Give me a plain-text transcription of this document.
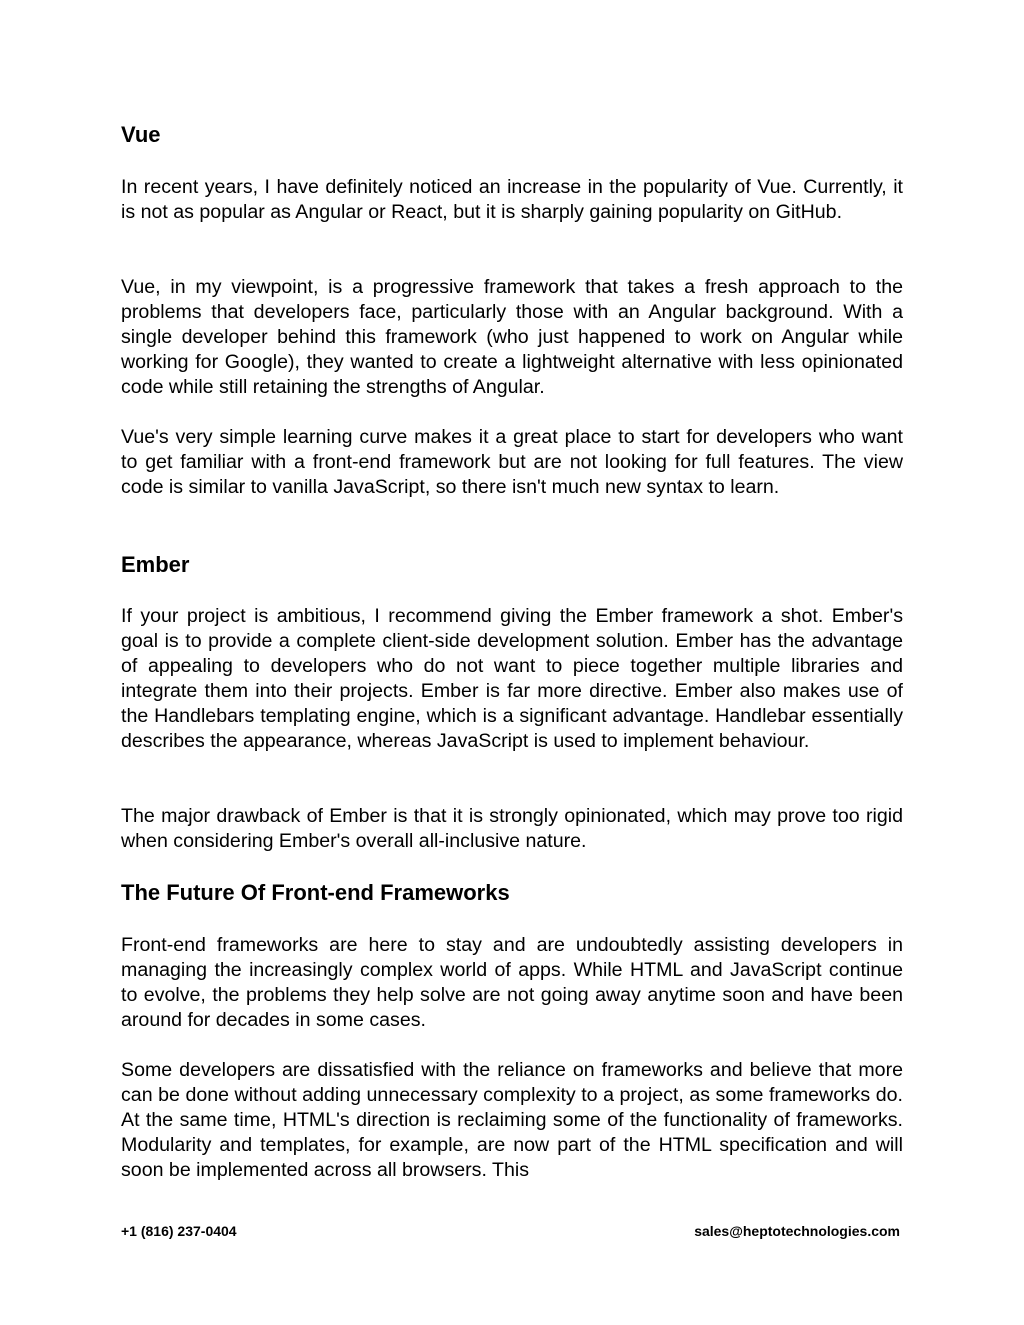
Vue

In recent years, I have definitely noticed an increase in the popularity of Vue. Currently, it is not as popular as Angular or React, but it is sharply gaining popularity on GitHub.

Vue, in my viewpoint, is a progressive framework that takes a fresh approach to the problems that developers face, particularly those with an Angular background. With a single developer behind this framework (who just happened to work on Angular while working for Google), they wanted to create a lightweight alternative with less opinionated code while still retaining the strengths of Angular.

Vue's very simple learning curve makes it a great place to start for developers who want to get familiar with a front-end framework but are not looking for full features. The view code is similar to vanilla JavaScript, so there isn't much new syntax to learn.

Ember

If your project is ambitious, I recommend giving the Ember framework a shot. Ember's goal is to provide a complete client-side development solution. Ember has the advantage of appealing to developers who do not want to piece together multiple libraries and integrate them into their projects. Ember is far more directive. Ember also makes use of the Handlebars templating engine, which is a significant advantage. Handlebar essentially describes the appearance, whereas JavaScript is used to implement behaviour.

The major drawback of Ember is that it is strongly opinionated, which may prove too rigid when considering Ember's overall all-inclusive nature.

The Future Of Front-end Frameworks

Front-end frameworks are here to stay and are undoubtedly assisting developers in managing the increasingly complex world of apps. While HTML and JavaScript continue to evolve, the problems they help solve are not going away anytime soon and have been around for decades in some cases.

Some developers are dissatisfied with the reliance on frameworks and believe that more can be done without adding unnecessary complexity to a project, as some frameworks do. At the same time, HTML's direction is reclaiming some of the functionality of frameworks. Modularity and templates, for example, are now part of the HTML specification and will soon be implemented across all browsers. This

+1 (816) 237-0404	sales@heptotechnologies.com
